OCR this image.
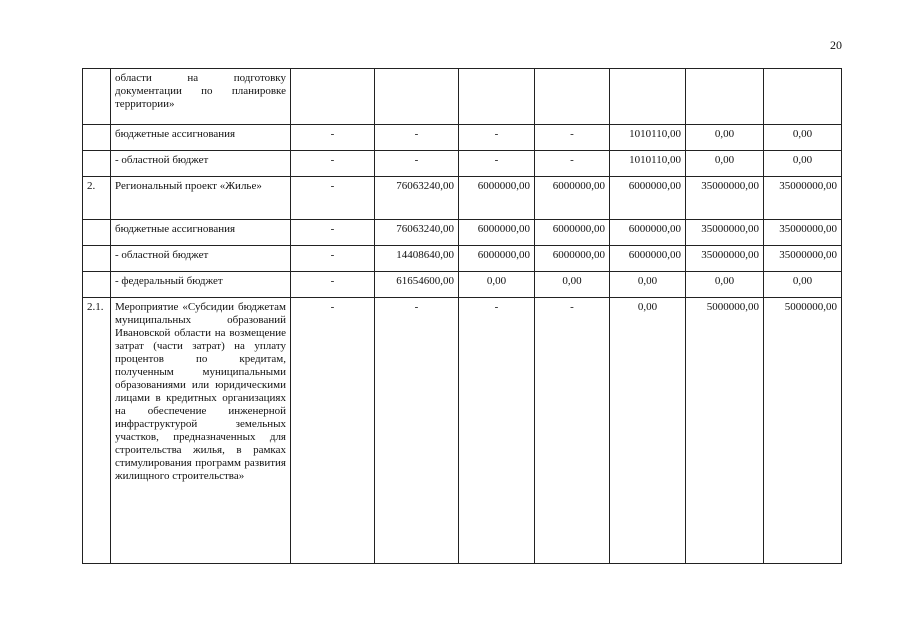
20
	области на подготовку документации по планировке территории»							
	бюджетные ассигнования	-	-	-	-	1010110,00	0,00	0,00
	- областной бюджет	-	-	-	-	1010110,00	0,00	0,00
2.	Региональный проект «Жилье»	-	76063240,00	6000000,00	6000000,00	6000000,00	35000000,00	35000000,00
	бюджетные ассигнования	-	76063240,00	6000000,00	6000000,00	6000000,00	35000000,00	35000000,00
	- областной бюджет	-	14408640,00	6000000,00	6000000,00	6000000,00	35000000,00	35000000,00
	- федеральный бюджет	-	61654600,00	0,00	0,00	0,00	0,00	0,00
2.1.	Мероприятие «Субсидии бюджетам муниципальных образований Ивановской области на возмещение затрат (части затрат) на уплату процентов по кредитам, полученным муниципальными образованиями или юридическими лицами в кредитных организациях на обеспечение инженерной инфраструктурой земельных участков, предназначенных для строительства жилья, в рамках стимулирования программ развития жилищного строительства»	-	-	-	-	0,00	5000000,00	5000000,00
